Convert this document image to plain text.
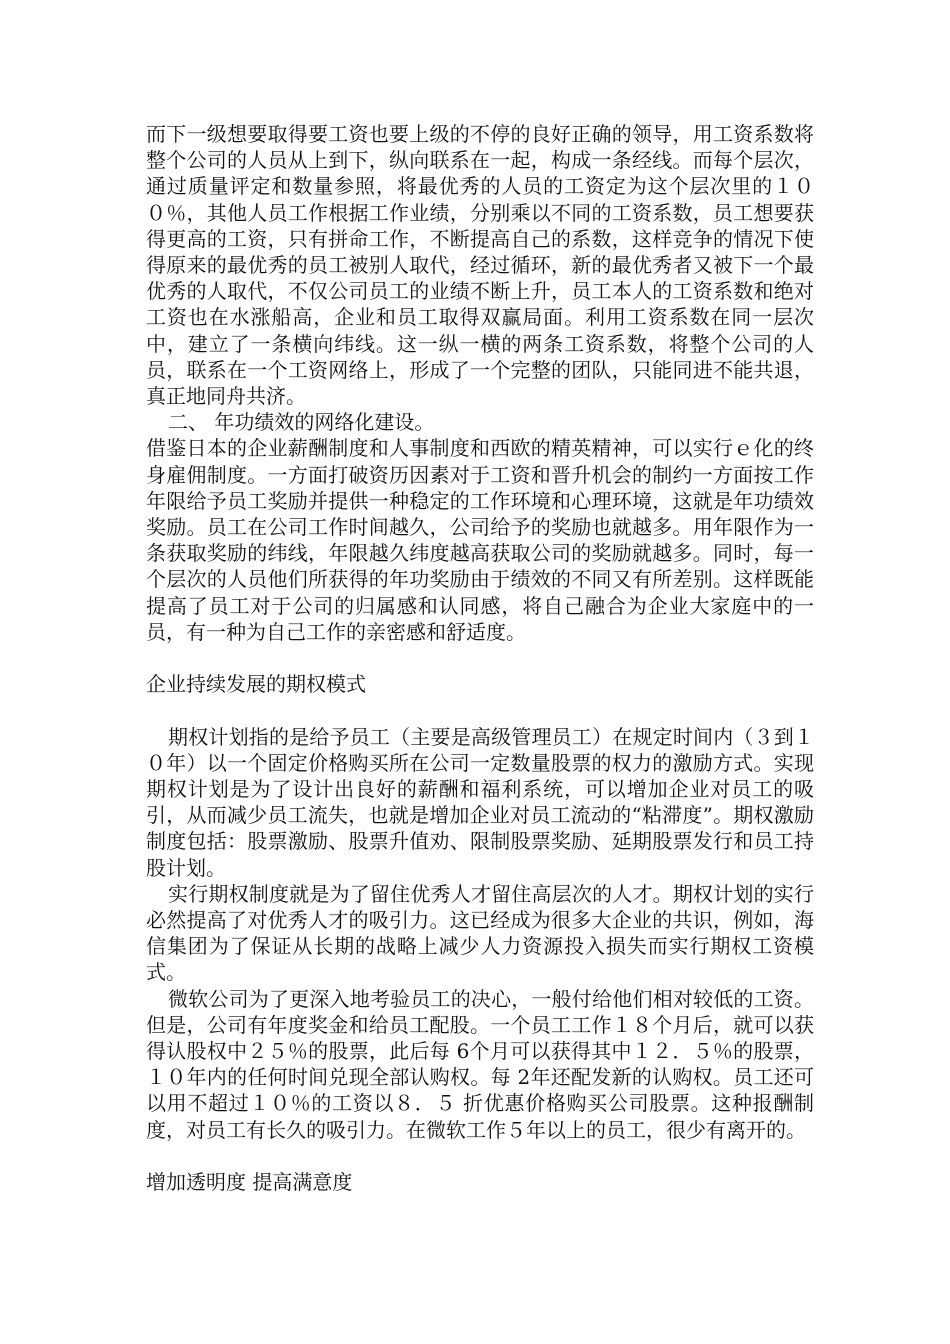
而下一级想要取得要工资也要上级的不停的良好正确的领导，用工资系数将整个公司的人员从上到下，纵向联系在一起，构成一条经线。而每个层次，通过质量评定和数量参照，将最优秀的人员的工资定为这个层次里的１００％，其他人员工作根据工作业绩，分别乘以不同的工资系数，员工想要获得更高的工资，只有拼命工作，不断提高自己的系数，这样竞争的情况下使得原来的最优秀的员工被别人取代，经过循环，新的最优秀者又被下一个最优秀的人取代，不仅公司员工的业绩不断上升，员工本人的工资系数和绝对工资也在水涨船高，企业和员工取得双赢局面。利用工资系数在同一层次中，建立了一条横向纬线。这一纵一横的两条工资系数，将整个公司的人员，联系在一个工资网络上，形成了一个完整的团队，只能同进不能共退，真正地同舟共济。

二、 年功绩效的网络化建设。

借鉴日本的企业薪酬制度和人事制度和西欧的精英精神，可以实行ｅ化的终身雇佣制度。一方面打破资历因素对于工资和晋升机会的制约一方面按工作年限给予员工奖励并提供一种稳定的工作环境和心理环境，这就是年功绩效奖励。员工在公司工作时间越久，公司给予的奖励也就越多。用年限作为一条获取奖励的纬线，年限越久纬度越高获取公司的奖励就越多。同时，每一个层次的人员他们所获得的年功奖励由于绩效的不同又有所差别。这样既能提高了员工对于公司的归属感和认同感，将自己融合为企业大家庭中的一员，有一种为自己工作的亲密感和舒适度。

企业持续发展的期权模式

期权计划指的是给予员工（主要是高级管理员工）在规定时间内（３到１０年）以一个固定价格购买所在公司一定数量股票的权力的激励方式。实现期权计划是为了设计出良好的薪酬和福利系统，可以增加企业对员工的吸引，从而减少员工流失，也就是增加企业对员工流动的“粘滞度”。期权激励制度包括：股票激励、股票升值劝、限制股票奖励、延期股票发行和员工持股计划。

实行期权制度就是为了留住优秀人才留住高层次的人才。期权计划的实行必然提高了对优秀人才的吸引力。这已经成为很多大企业的共识，例如，海信集团为了保证从长期的战略上减少人力资源投入损失而实行期权工资模式。

微软公司为了更深入地考验员工的决心，一般付给他们相对较低的工资。但是，公司有年度奖金和给员工配股。一个员工工作１８个月后，就可以获得认股权中２５％的股票，此后每 6个月可以获得其中１２．５％的股票，１０年内的任何时间兑现全部认购权。每 2年还配发新的认购权。员工还可以用不超过１０％的工资以８．５ 折优惠价格购买公司股票。这种报酬制度，对员工有长久的吸引力。在微软工作５年以上的员工，很少有离开的。

增加透明度 提高满意度
